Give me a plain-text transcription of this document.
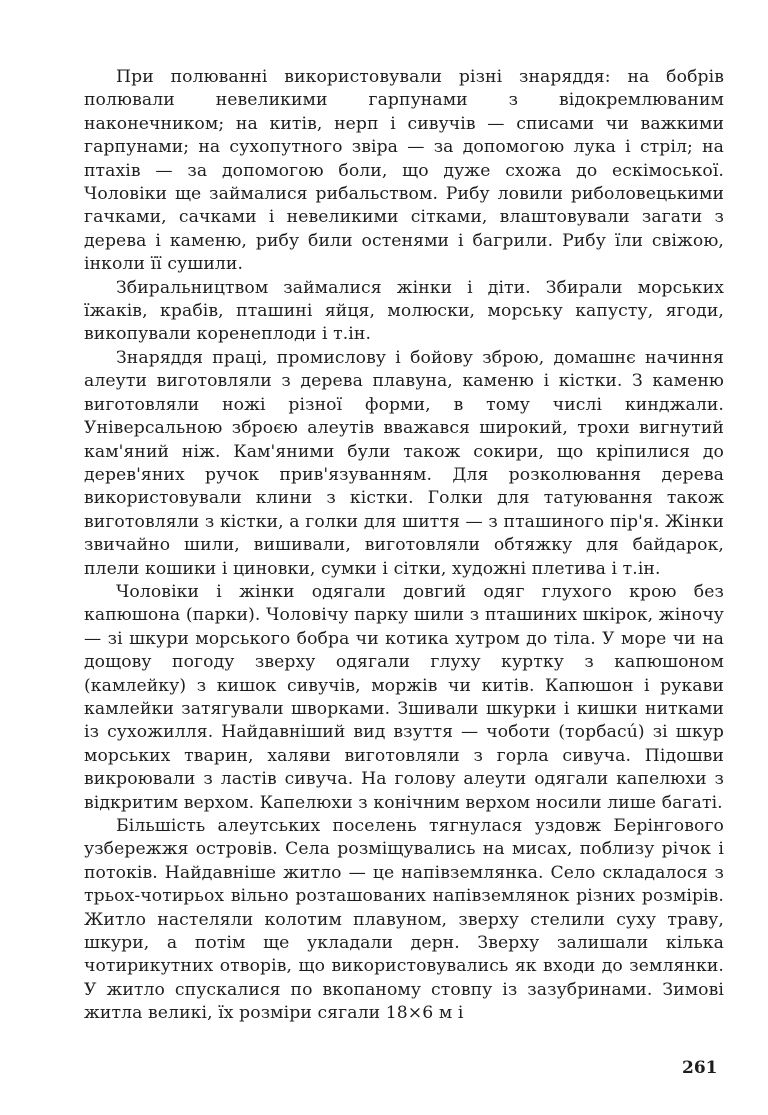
При полюванні використовували різні знаряддя: на бобрів полювали невеликими гарпунами з відокремлюваним наконечником; на китів, нерп і сивучів — списами чи важкими гарпунами; на сухопутного звіра — за допомогою лука і стріл; на птахів — за допомогою боли, що дуже схожа до ескімоської. Чоловіки ще займалися рибальством. Рибу ловили риболовецькими гачками, сачками і невеликими сітками, влаштовували загати з дерева і каменю, рибу били остенями і багрили. Рибу їли свіжою, інколи її сушили.

Збиральництвом займалися жінки і діти. Збирали морських їжаків, крабів, пташині яйця, молюски, морську капусту, ягоди, викопували коренеплоди і т.ін.

Знаряддя праці, промислову і бойову зброю, домашнє начиння алеути виготовляли з дерева плавуна, каменю і кістки. З каменю виготовляли ножі різної форми, в тому числі кинджали. Універсальною зброєю алеутів вважався широкий, трохи вигнутий кам'яний ніж. Кам'яними були також сокири, що кріпилися до дерев'яних ручок прив'язуванням. Для розколювання дерева використовували клини з кістки. Голки для татуювання також виготовляли з кістки, а голки для шиття — з пташиного пір'я. Жінки звичайно шили, вишивали, виготовляли обтяжку для байдарок, плели кошики і циновки, сумки і сітки, художні плетива і т.ін.

Чоловіки і жінки одягали довгий одяг глухого крою без капюшона (парки). Чоловічу парку шили з пташиних шкірок, жіночу — зі шкури морського бобра чи котика хутром до тіла. У море чи на дощову погоду зверху одягали глуху куртку з капюшоном (камлейку) з кишок сивучів, моржів чи китів. Капюшон і рукави камлейки затягували шворками. Зшивали шкурки і кишки нитками із сухожилля. Найдавніший вид взуття — чоботи (торбасú) зі шкур морських тварин, халяви виготовляли з горла сивуча. Підошви викроювали з ластів сивуча. На голову алеути одягали капелюхи з відкритим верхом. Капелюхи з конічним верхом носили лише багаті.

Більшість алеутських поселень тягнулася уздовж Берінгового узбережжя островів. Села розміщувались на мисах, поблизу річок і потоків. Найдавніше житло — це напівземлянка. Село складалося з трьох-чотирьох вільно розташованих напівземлянок різних розмірів. Житло настеляли колотим плавуном, зверху стелили суху траву, шкури, а потім ще укладали дерн. Зверху залишали кілька чотирикутних отворів, що використовувались як входи до землянки. У житло спускалися по вкопаному стовпу із зазубринами. Зимові житла великі, їх розміри сягали 18×6 м і

261
